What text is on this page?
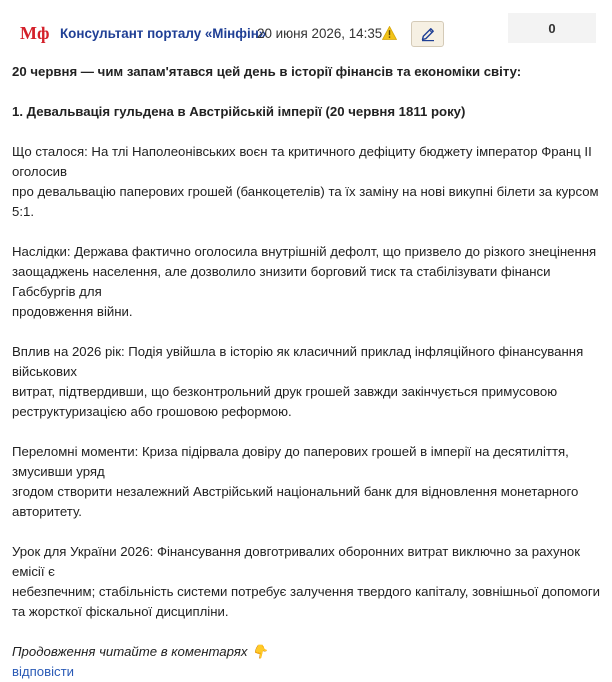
Мф Консультант порталу «Мінфін»
20 июня 2026, 14:35	0

20 червня — чим запам'ятався цей день в історії фінансів та економіки світу:

1. Девальвація гульдена в Австрійській імперії (20 червня 1811 року)

Що сталося: На тлі Наполеонівських воєн та критичного дефіциту бюджету імператор Франц II оголосив
про девальвацію паперових грошей (банкоцетелів) та їх заміну на нові викупні білети за курсом 5:1.

Наслідки: Держава фактично оголосила внутрішній дефолт, що призвело до різкого знецінення
заощаджень населення, але дозволило знизити борговий тиск та стабілізувати фінанси Габсбургів для
продовження війни.

Вплив на 2026 рік: Подія увійшла в історію як класичний приклад інфляційного фінансування військових
витрат, підтвердивши, що безконтрольний друк грошей завжди закінчується примусовою
реструктуризацією або грошовою реформою.

Переломні моменти: Криза підірвала довіру до паперових грошей в імперії на десятиліття, змусивши уряд
згодом створити незалежний Австрійський національний банк для відновлення монетарного авторитету.

Урок для України 2026: Фінансування довготривалих оборонних витрат виключно за рахунок емісії є
небезпечним; стабільність системи потребує залучення твердого капіталу, зовнішньої допомоги
та жорсткої фіскальної дисципліни.

Продовження читайте в коментарях 👇

відповісти
